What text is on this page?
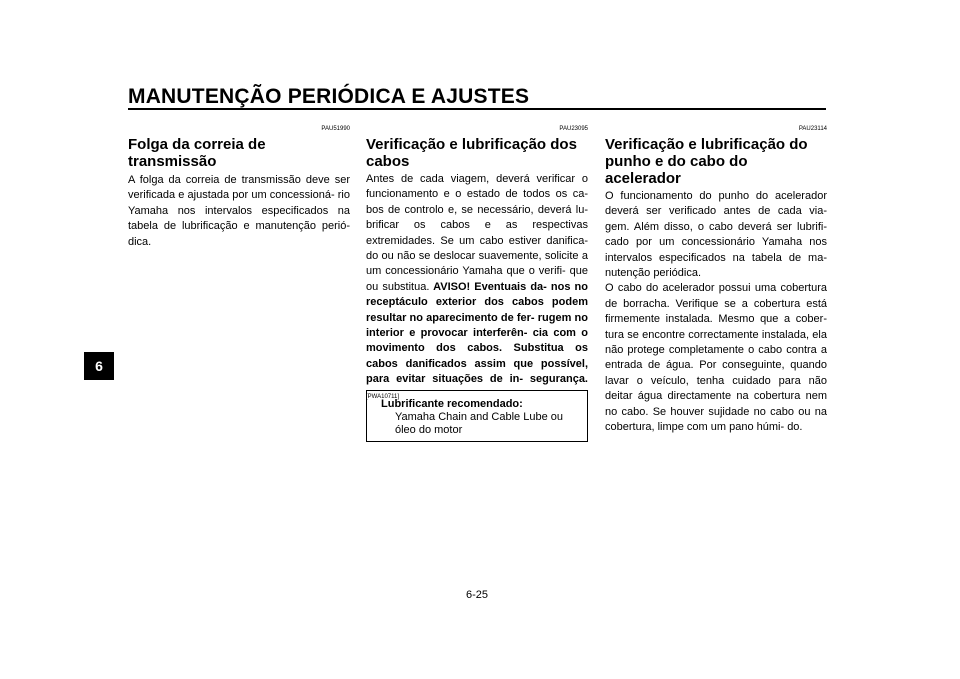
MANUTENÇÃO PERIÓDICA E AJUSTES
6
PAU51990
Folga da correia de transmissão

A folga da correia de transmissão deve ser verificada e ajustada por um concessioná- rio Yamaha nos intervalos especificados na tabela de lubrificação e manutenção perió- dica.

PAU23095
Verificação e lubrificação dos cabos

Antes de cada viagem, deverá verificar o funcionamento e o estado de todos os ca- bos de controlo e, se necessário, deverá lu- brificar os cabos e as respectivas extremidades. Se um cabo estiver danifica- do ou não se deslocar suavemente, solicite a um concessionário Yamaha que o verifi- que ou substitua. AVISO! Eventuais da- nos no receptáculo exterior dos cabos podem resultar no aparecimento de fer- rugem no interior e provocar interferên- cia com o movimento dos cabos. Substitua os cabos danificados assim que possível, para evitar situações de in- segurança.[PWA10711]

Lubrificante recomendado:
Yamaha Chain and Cable Lube ou
óleo do motor
PAU23114
Verificação e lubrificação do punho e do cabo do acelerador

O funcionamento do punho do acelerador deverá ser verificado antes de cada via- gem. Além disso, o cabo deverá ser lubrifi- cado por um concessionário Yamaha nos intervalos especificados na tabela de ma- nutenção periódica.

O cabo do acelerador possui uma cobertura de borracha. Verifique se a cobertura está firmemente instalada. Mesmo que a cober- tura se encontre correctamente instalada, ela não protege completamente o cabo contra a entrada de água. Por conseguinte, quando lavar o veículo, tenha cuidado para não deitar água directamente na cobertura nem no cabo. Se houver sujidade no cabo ou na cobertura, limpe com um pano húmi- do.

6-25
